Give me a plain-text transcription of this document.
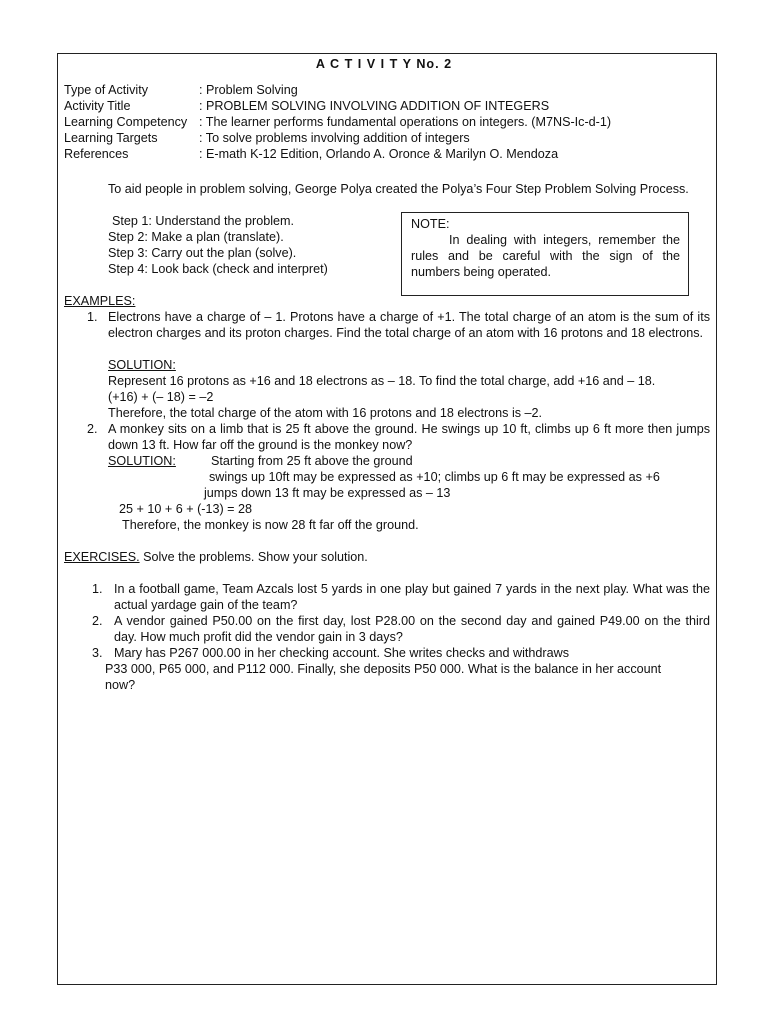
A C T I V I T Y No. 2
Type of Activity	: Problem Solving
Activity Title	: PROBLEM SOLVING INVOLVING ADDITION OF INTEGERS
Learning Competency : The learner performs fundamental operations on integers. (M7NS-Ic-d-1)
Learning Targets	: To solve problems involving addition of integers
References	: E-math K-12 Edition, Orlando A. Oronce & Marilyn O. Mendoza
To aid people in problem solving, George Polya created the Polya’s Four Step Problem Solving Process.
Step 1: Understand the problem.
Step 2: Make a plan (translate).
Step 3: Carry out the plan (solve).
Step 4: Look back (check and interpret)
NOTE:
In dealing with integers, remember the rules and be careful with the sign of the numbers being operated.
EXAMPLES:
1. Electrons have a charge of – 1. Protons have a charge of +1. The total charge of an atom is the sum of its electron charges and its proton charges. Find the total charge of an atom with 16 protons and 18 electrons.
SOLUTION:
Represent 16 protons as +16 and 18 electrons as – 18. To find the total charge, add +16 and – 18.
(+16) + (– 18) = –2
Therefore, the total charge of the atom with 16 protons and 18 electrons is –2.
2. A monkey sits on a limb that is 25 ft above the ground. He swings up 10 ft, climbs up 6 ft more then jumps down 13 ft. How far off the ground is the monkey now?
SOLUTION:	Starting from 25 ft above the ground
swings up 10ft may be expressed as +10; climbs up 6 ft may be expressed as +6
jumps down 13 ft may be expressed as – 13
25 + 10 + 6 + (-13) = 28
Therefore, the monkey is now 28 ft far off the ground.
EXERCISES. Solve the problems. Show your solution.
1. In a football game, Team Azcals lost 5 yards in one play but gained 7 yards in the next play. What was the actual yardage gain of the team?
2. A vendor gained P50.00 on the first day, lost P28.00 on the second day and gained P49.00 on the third day. How much profit did the vendor gain in 3 days?
3. Mary has P267 000.00 in her checking account. She writes checks and withdraws
P33 000, P65 000, and P112 000. Finally, she deposits P50 000. What is the balance in her account
now?
